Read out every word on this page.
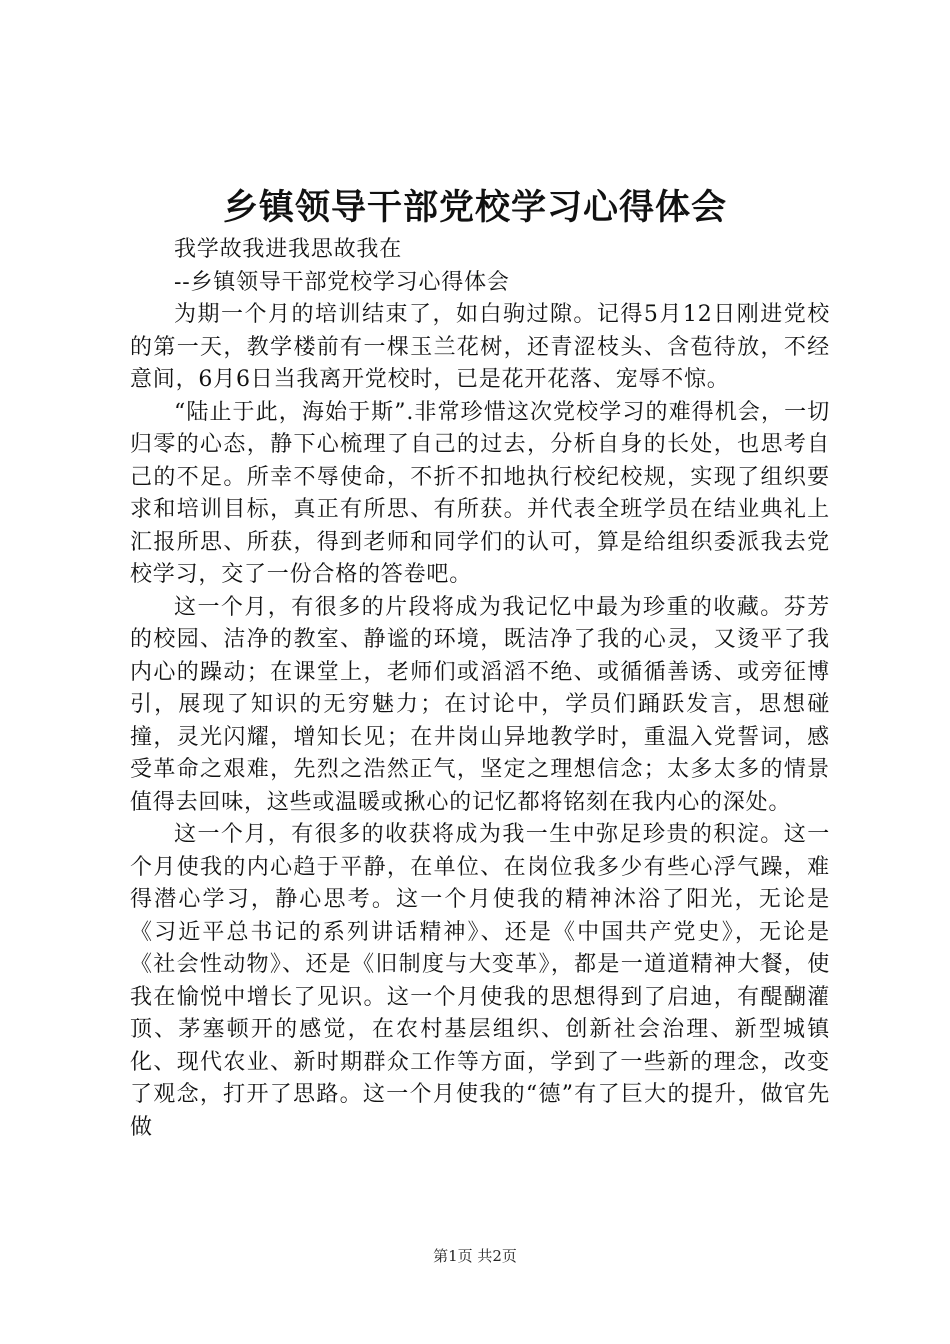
乡镇领导干部党校学习心得体会

我学故我进我思故我在

--乡镇领导干部党校学习心得体会

为期一个月的培训结束了，如白驹过隙。记得5月12日刚进党校的第一天，教学楼前有一棵玉兰花树，还青涩枝头、含苞待放，不经意间，6月6日当我离开党校时，已是花开花落、宠辱不惊。

“陆止于此，海始于斯”.非常珍惜这次党校学习的难得机会，一切归零的心态，静下心梳理了自己的过去，分析自身的长处，也思考自己的不足。所幸不辱使命，不折不扣地执行校纪校规，实现了组织要求和培训目标，真正有所思、有所获。并代表全班学员在结业典礼上汇报所思、所获，得到老师和同学们的认可，算是给组织委派我去党校学习，交了一份合格的答卷吧。

这一个月，有很多的片段将成为我记忆中最为珍重的收藏。芬芳的校园、洁净的教室、静谧的环境，既洁净了我的心灵，又烫平了我内心的躁动；在课堂上，老师们或滔滔不绝、或循循善诱、或旁征博引，展现了知识的无穷魅力；在讨论中，学员们踊跃发言，思想碰撞，灵光闪耀，增知长见；在井岗山异地教学时，重温入党誓词，感受革命之艰难，先烈之浩然正气，坚定之理想信念；太多太多的情景值得去回味，这些或温暖或揪心的记忆都将铭刻在我内心的深处。

这一个月，有很多的收获将成为我一生中弥足珍贵的积淀。这一个月使我的内心趋于平静，在单位、在岗位我多少有些心浮气躁，难得潜心学习，静心思考。这一个月使我的精神沐浴了阳光，无论是《习近平总书记的系列讲话精神》、还是《中国共产党史》，无论是《社会性动物》、还是《旧制度与大变革》，都是一道道精神大餐，使我在愉悦中增长了见识。这一个月使我的思想得到了启迪，有醍醐灌顶、茅塞顿开的感觉，在农村基层组织、创新社会治理、新型城镇化、现代农业、新时期群众工作等方面，学到了一些新的理念，改变了观念，打开了思路。这一个月使我的“德”有了巨大的提升，做官先做

第1页 共2页
